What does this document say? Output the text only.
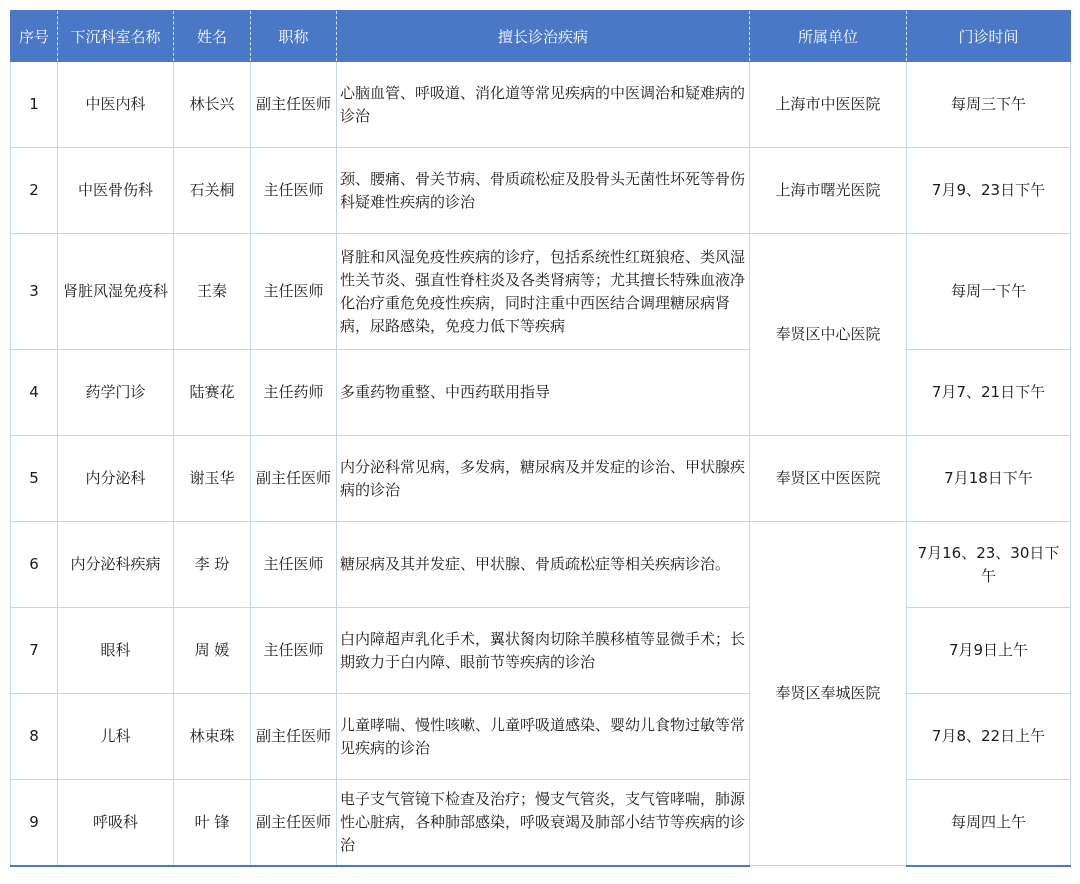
序号	下沉科室名称	姓名	职称	擅长诊治疾病	所属单位	门诊时间
1	中医内科	林长兴	副主任医师	心脑血管、呼吸道、消化道等常见疾病的中医调治和疑难病的诊治	上海市中医医院	每周三下午
2	中医骨伤科	石关桐	主任医师	颈、腰痛、骨关节病、骨质疏松症及股骨头无菌性坏死等骨伤科疑难性疾病的诊治	上海市曙光医院	7月9、23日下午
3	肾脏风湿免疫科	王秦	主任医师	肾脏和风湿免疫性疾病的诊疗，包括系统性红斑狼疮、类风湿性关节炎、强直性脊柱炎及各类肾病等；尤其擅长特殊血液净化治疗重危免疫性疾病，同时注重中西医结合调理糖尿病肾病，尿路感染，免疫力低下等疾病	奉贤区中心医院	每周一下午
4	药学门诊	陆赛花	主任药师	多重药物重整、中西药联用指导		7月7、21日下午
5	内分泌科	谢玉华	副主任医师	内分泌科常见病，多发病，糖尿病及并发症的诊治、甲状腺疾病的诊治	奉贤区中医医院	7月18日下午
6	内分泌科疾病	李 玢	主任医师	糖尿病及其并发症、甲状腺、骨质疏松症等相关疾病诊治。	奉贤区奉城医院	7月16、23、30日下午
7	眼科	周 媛	主任医师	白内障超声乳化手术，翼状胬肉切除羊膜移植等显微手术；长期致力于白内障、眼前节等疾病的诊治		7月9日上午
8	儿科	林束珠	副主任医师	儿童哮喘、慢性咳嗽、儿童呼吸道感染、婴幼儿食物过敏等常见疾病的诊治		7月8、22日上午
9	呼吸科	叶 锋	副主任医师	电子支气管镜下检查及治疗；慢支气管炎，支气管哮喘，肺源性心脏病，各种肺部感染，呼吸衰竭及肺部小结节等疾病的诊治		每周四上午
